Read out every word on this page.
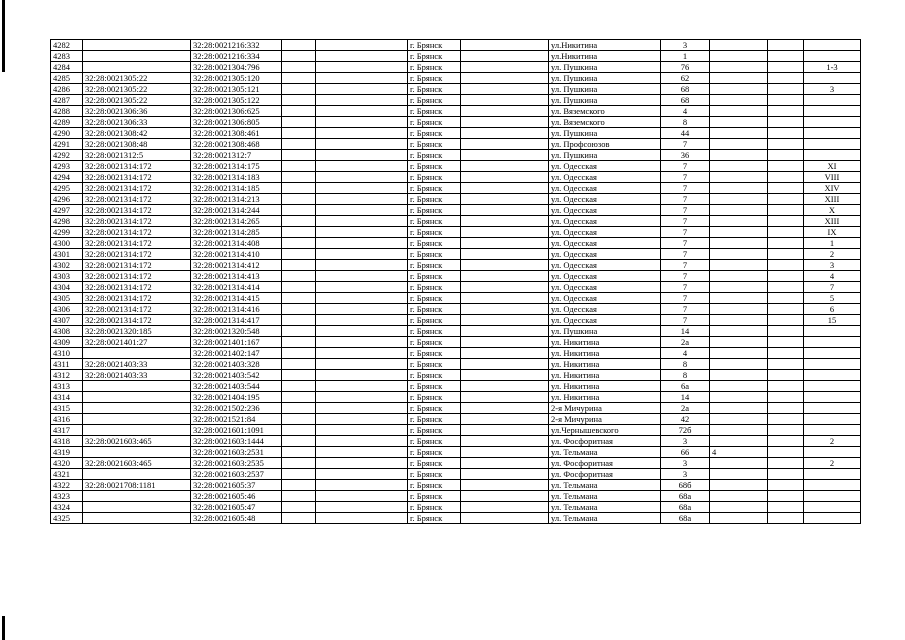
4282		32:28:0021216:332			г. Брянск		ул.Никитина	3			
4283		32:28:0021216:334			г. Брянск		ул.Никитина	1			
4284		32:28:0021304:796			г. Брянск		ул. Пушкина	76			1-3
4285	32:28:0021305:22	32:28:0021305:120			г. Брянск		ул. Пушкина	62			
4286	32:28:0021305:22	32:28:0021305:121			г. Брянск		ул. Пушкина	68			3
4287	32:28:0021305:22	32:28:0021305:122			г. Брянск		ул. Пушкина	68			
4288	32:28:0021306:36	32:28:0021306:625			г. Брянск		ул. Вяземского	4			
4289	32:28:0021306:33	32:28:0021306:805			г. Брянск		ул. Вяземского	8			
4290	32:28:0021308:42	32:28:0021308:461			г. Брянск		ул. Пушкина	44			
4291	32:28:0021308:48	32:28:0021308:468			г. Брянск		ул. Профсоюзов	7			
4292	32:28:0021312:5	32:28:0021312:7			г. Брянск		ул. Пушкина	36			
4293	32:28:0021314:172	32:28:0021314:175			г. Брянск		ул. Одесская	7			XI
4294	32:28:0021314:172	32:28:0021314:183			г. Брянск		ул. Одесская	7			VIII
4295	32:28:0021314:172	32:28:0021314:185			г. Брянск		ул. Одесская	7			XIV
4296	32:28:0021314:172	32:28:0021314:213			г. Брянск		ул. Одесская	7			XIII
4297	32:28:0021314:172	32:28:0021314:244			г. Брянск		ул. Одесская	7			X
4298	32:28:0021314:172	32:28:0021314:265			г. Брянск		ул. Одесская	7			XIII
4299	32:28:0021314:172	32:28:0021314:285			г. Брянск		ул. Одесская	7			IX
4300	32:28:0021314:172	32:28:0021314:408			г. Брянск		ул. Одесская	7			1
4301	32:28:0021314:172	32:28:0021314:410			г. Брянск		ул. Одесская	7			2
4302	32:28:0021314:172	32:28:0021314:412			г. Брянск		ул. Одесская	7			3
4303	32:28:0021314:172	32:28:0021314:413			г. Брянск		ул. Одесская	7			4
4304	32:28:0021314:172	32:28:0021314:414			г. Брянск		ул. Одесская	7			7
4305	32:28:0021314:172	32:28:0021314:415			г. Брянск		ул. Одесская	7			5
4306	32:28:0021314:172	32:28:0021314:416			г. Брянск		ул. Одесская	7			6
4307	32:28:0021314:172	32:28:0021314:417			г. Брянск		ул. Одесская	7			15
4308	32:28:0021320:185	32:28:0021320:548			г. Брянск		ул. Пушкина	14			
4309	32:28:0021401:27	32:28:0021401:167			г. Брянск		ул. Никитина	2а			
4310		32:28:0021402:147			г. Брянск		ул. Никитина	4			
4311	32:28:0021403:33	32:28:0021403:328			г. Брянск		ул. Никитина	8			
4312	32:28:0021403:33	32:28:0021403:542			г. Брянск		ул. Никитина	8			
4313		32:28:0021403:544			г. Брянск		ул. Никитина	6а			
4314		32:28:0021404:195			г. Брянск		ул. Никитина	14			
4315		32:28:0021502:236			г. Брянск		2-я Мичурина	2а			
4316		32:28:0021521:84			г. Брянск		2-я Мичурина	42			
4317		32:28:0021601:1091			г. Брянск		ул.Чернышевского	72б			
4318	32:28:0021603:465	32:28:0021603:1444			г. Брянск		ул. Фосфоритная	3			2
4319		32:28:0021603:2531			г. Брянск		ул. Тельмана	66	4		
4320	32:28:0021603:465	32:28:0021603:2535			г. Брянск		ул. Фосфоритная	3			2
4321		32:28:0021603:2537			г. Брянск		ул. Фосфоритная	3			
4322	32:28:0021708:1181	32:28:0021605:37			г. Брянск		ул. Тельмана	68б			
4323		32:28:0021605:46			г. Брянск		ул. Тельмана	68а			
4324		32:28:0021605:47			г. Брянск		ул. Тельмана	68а			
4325		32:28:0021605:48			г. Брянск		ул. Тельмана	68а			
